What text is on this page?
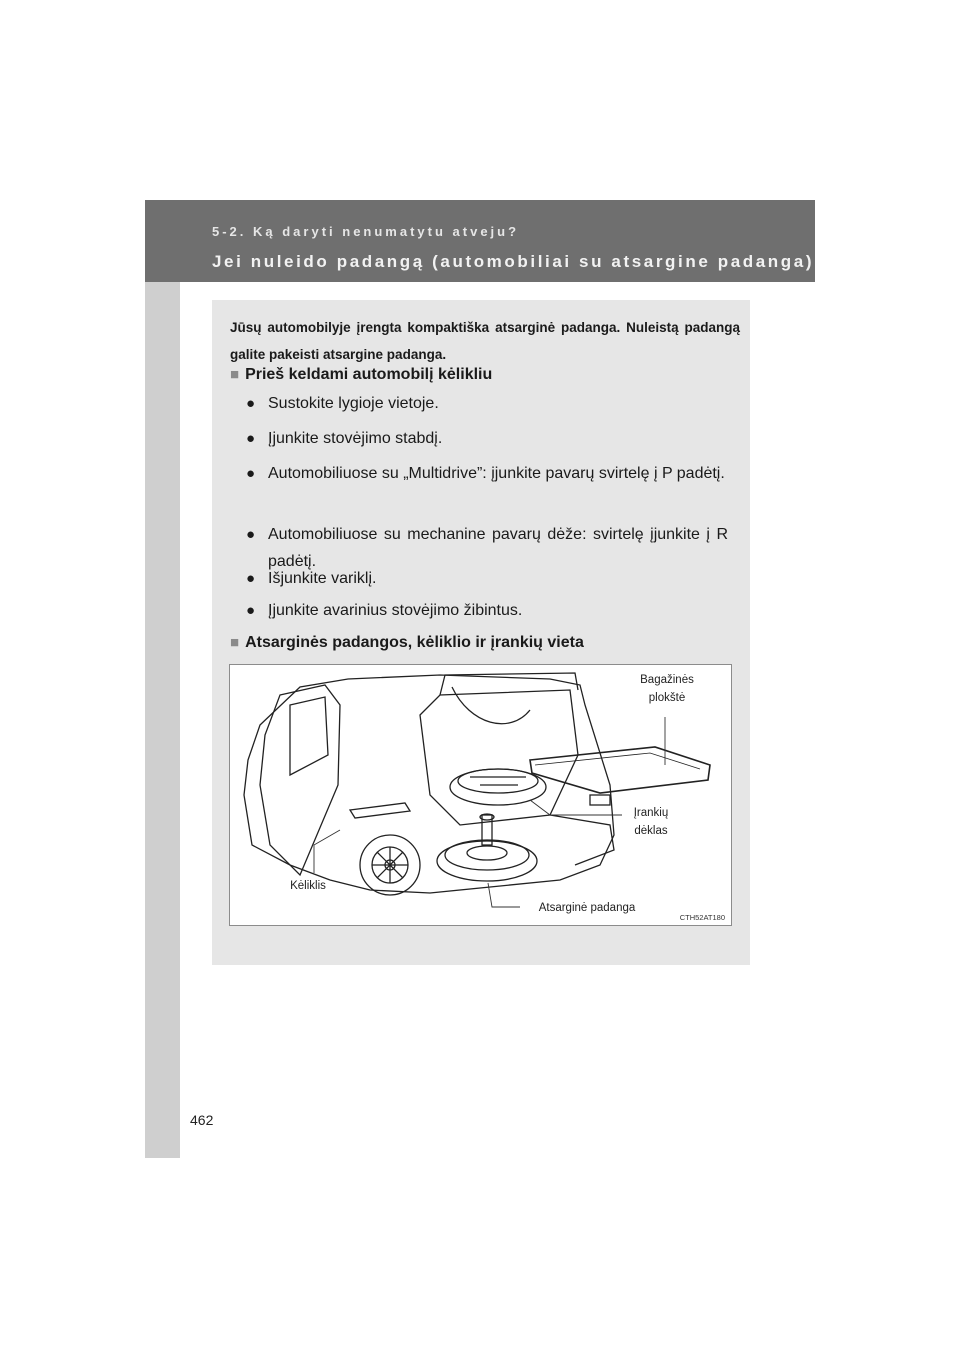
5-2. Ką daryti nenumatytu atveju?
Jei nuleido padangą (automobiliai su atsargine padanga)
Jūsų automobilyje įrengta kompaktiška atsarginė padanga. Nuleistą padangą galite pakeisti atsargine padanga.
■ Prieš keldami automobilį kėlikliu
● Sustokite lygioje vietoje.
● Įjunkite stovėjimo stabdį.
● Automobiliuose su „Multidrive”: įjunkite pavarų svirtelę į P padėtį.
● Automobiliuose su mechanine pavarų dėže: svirtelę įjunkite į R padėtį.
● Išjunkite variklį.
● Įjunkite avarinius stovėjimo žibintus.
■ Atsarginės padangos, kėliklio ir įrankių vieta
Bagažinės
plokštė
Įrankių
dėklas
Kėliklis
Atsarginė padanga
CTH52AT180
462
